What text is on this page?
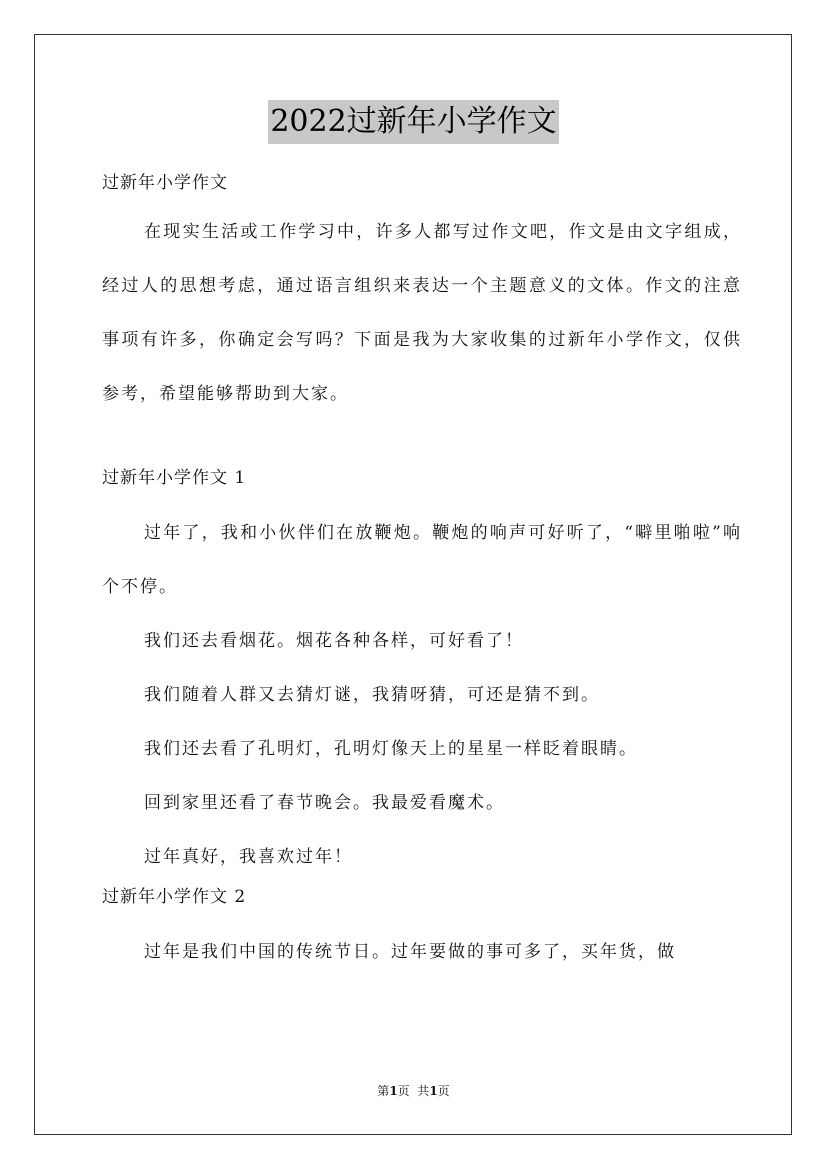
2022过新年小学作文

过新年小学作文

在现实生活或工作学习中，许多人都写过作文吧，作文是由文字组成，经过人的思想考虑，通过语言组织来表达一个主题意义的文体。作文的注意事项有许多，你确定会写吗？下面是我为大家收集的过新年小学作文，仅供参考，希望能够帮助到大家。

过新年小学作文 1

过年了，我和小伙伴们在放鞭炮。鞭炮的响声可好听了，“噼里啪啦”响个不停。

我们还去看烟花。烟花各种各样，可好看了！

我们随着人群又去猜灯谜，我猜呀猜，可还是猜不到。

我们还去看了孔明灯，孔明灯像天上的星星一样眨着眼睛。

回到家里还看了春节晚会。我最爱看魔术。

过年真好，我喜欢过年！

过新年小学作文 2

过年是我们中国的传统节日。过年要做的事可多了，买年货，做

第1页  共1页
